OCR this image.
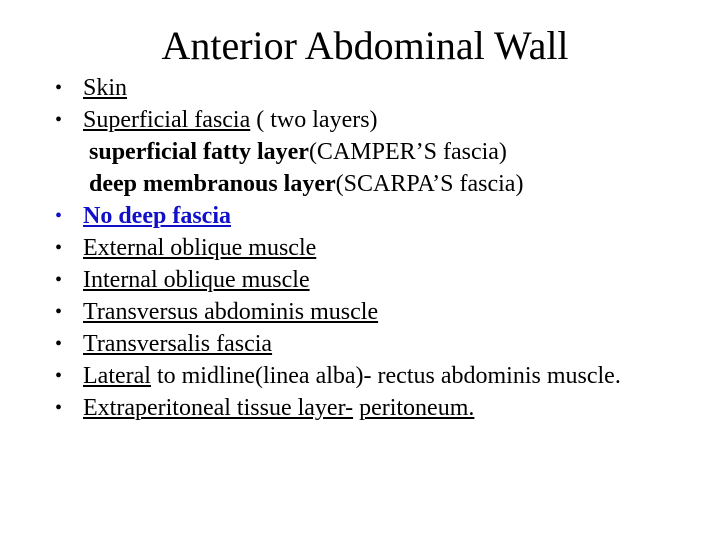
Anterior Abdominal Wall
• Skin
• Superficial fascia ( two layers)
superficial fatty layer(CAMPER’S fascia)
deep membranous layer(SCARPA’S fascia)
• No deep fascia
• External oblique muscle
• Internal oblique muscle
• Transversus abdominis muscle
• Transversalis fascia
• Lateral to midline(linea alba)- rectus abdominis muscle.
• Extraperitoneal tissue layer- peritoneum.
